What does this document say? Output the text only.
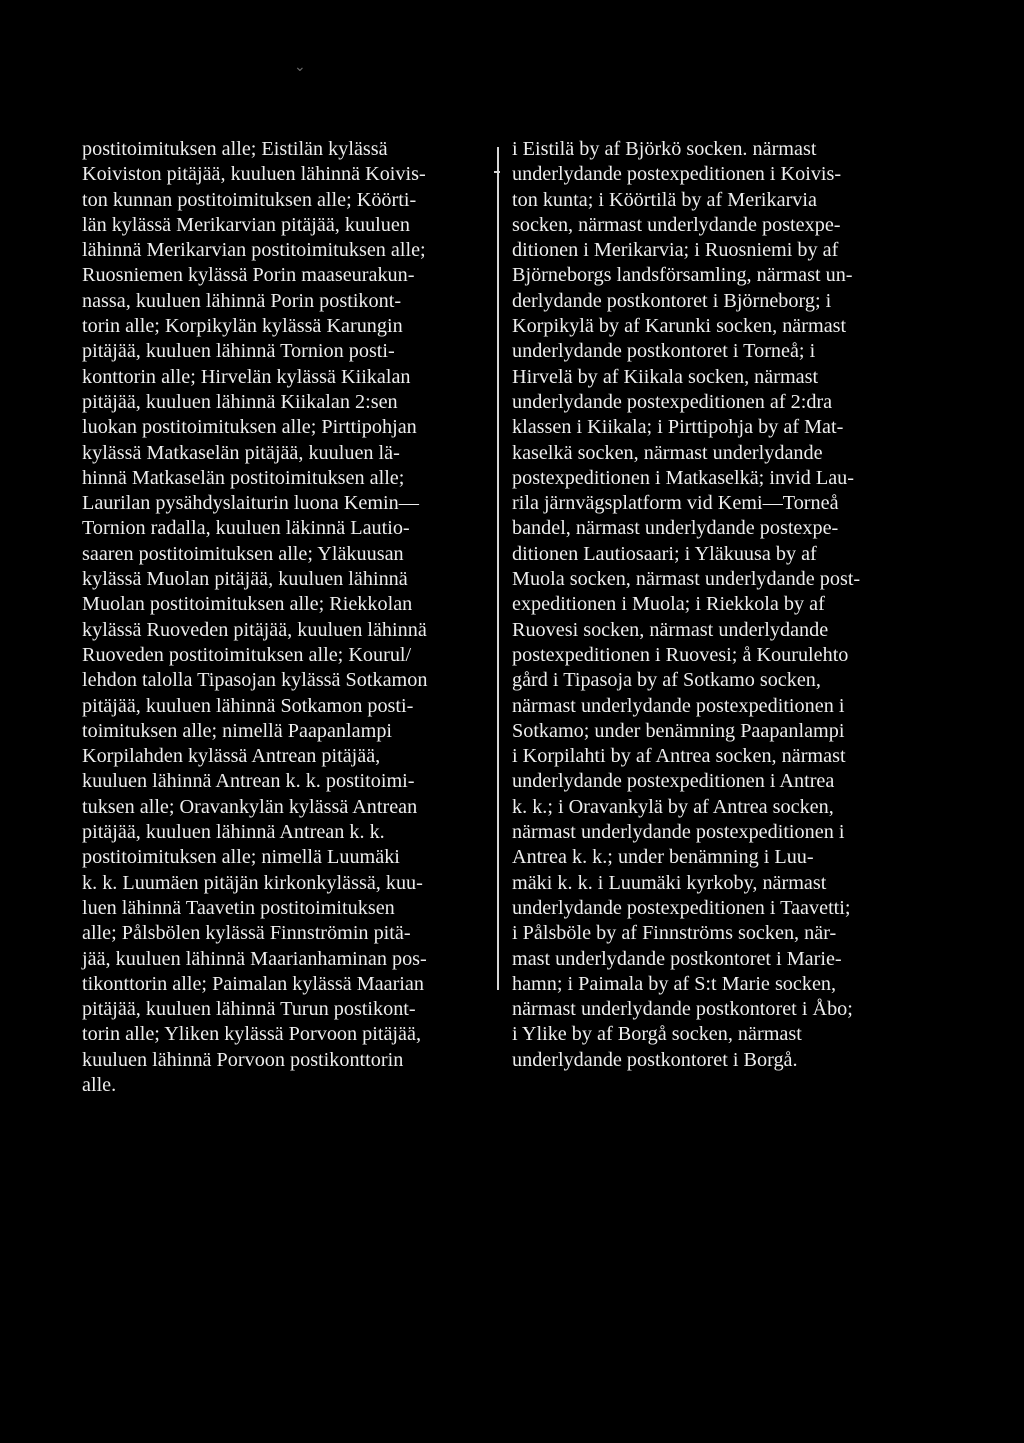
⌄
postitoimituksen alle; Eistilän kylässä
Koiviston pitäjää, kuuluen lähinnä Koivis-
ton kunnan postitoimituksen alle; Köörti-
län kylässä Merikarvian pitäjää, kuuluen
lähinnä Merikarvian postitoimituksen alle;
Ruosniemen kylässä Porin maaseurakun-
nassa, kuuluen lähinnä Porin postikont-
torin alle; Korpikylän kylässä Karungin
pitäjää, kuuluen lähinnä Tornion posti-
konttorin alle; Hirvelän kylässä Kiikalan
pitäjää, kuuluen lähinnä Kiikalan 2:sen
luokan postitoimituksen alle; Pirttipohjan
kylässä Matkaselän pitäjää, kuuluen lä-
hinnä Matkaselän postitoimituksen alle;
Laurilan pysähdyslaiturin luona Kemin—
Tornion radalla, kuuluen läkinnä Lautio-
saaren postitoimituksen alle; Yläkuusan
kylässä Muolan pitäjää, kuuluen lähinnä
Muolan postitoimituksen alle; Riekkolan
kylässä Ruoveden pitäjää, kuuluen lähinnä
Ruoveden postitoimituksen alle; Kourul/
lehdon talolla Tipasojan kylässä Sotkamon
pitäjää, kuuluen lähinnä Sotkamon posti-
toimituksen alle; nimellä Paapanlampi
Korpilahden kylässä Antrean pitäjää,
kuuluen lähinnä Antrean k. k. postitoimi-
tuksen alle; Oravankylän kylässä Antrean
pitäjää, kuuluen lähinnä Antrean k. k.
postitoimituksen alle; nimellä Luumäki
k. k. Luumäen pitäjän kirkonkylässä, kuu-
luen lähinnä Taavetin postitoimituksen
alle; Pålsbölen kylässä Finnströmin pitä-
jää, kuuluen lähinnä Maarianhaminan pos-
tikonttorin alle; Paimalan kylässä Maarian
pitäjää, kuuluen lähinnä Turun postikont-
torin alle; Yliken kylässä Porvoon pitäjää,
kuuluen lähinnä Porvoon postikonttorin
alle.
i Eistilä by af Björkö socken. närmast
underlydande postexpeditionen i Koivis-
ton kunta; i Köörtilä by af Merikarvia
socken, närmast underlydande postexpe-
ditionen i Merikarvia; i Ruosniemi by af
Björneborgs landsförsamling, närmast un-
derlydande postkontoret i Björneborg; i
Korpikylä by af Karunki socken, närmast
underlydande postkontoret i Torneå; i
Hirvelä by af Kiikala socken, närmast
underlydande postexpeditionen af 2:dra
klassen i Kiikala; i Pirttipohja by af Mat-
kaselkä socken, närmast underlydande
postexpeditionen i Matkaselkä; invid Lau-
rila järnvägsplatform vid Kemi—Torneå
bandel, närmast underlydande postexpe-
ditionen Lautiosaari; i Yläkuusa by af
Muola socken, närmast underlydande post-
expeditionen i Muola; i Riekkola by af
Ruovesi socken, närmast underlydande
postexpeditionen i Ruovesi; å Kourulehto
gård i Tipasoja by af Sotkamo socken,
närmast underlydande postexpeditionen i
Sotkamo; under benämning Paapanlampi
i Korpilahti by af Antrea socken, närmast
underlydande postexpeditionen i Antrea
k. k.; i Oravankylä by af Antrea socken,
närmast underlydande postexpeditionen i
Antrea k. k.; under benämning i Luu-
mäki k. k. i Luumäki kyrkoby, närmast
underlydande postexpeditionen i Taavetti;
i Pålsböle by af Finnströms socken, när-
mast underlydande postkontoret i Marie-
hamn; i Paimala by af S:t Marie socken,
närmast underlydande postkontoret i Åbo;
i Ylike by af Borgå socken, närmast
underlydande postkontoret i Borgå.
